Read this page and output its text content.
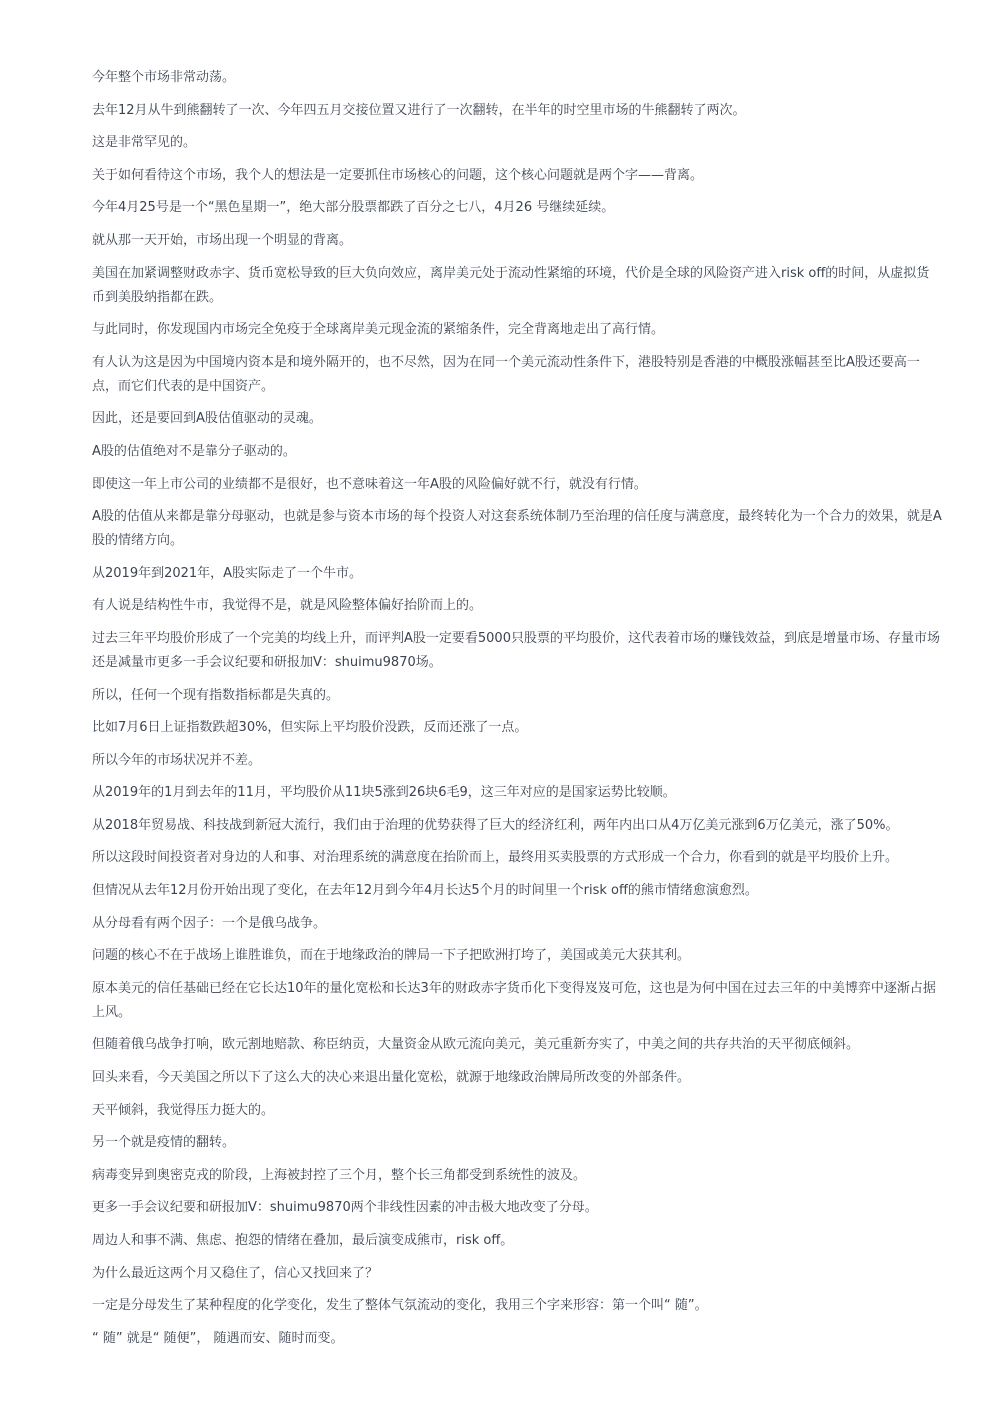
今年整个市场非常动荡。

去年12月从牛到熊翻转了一次、今年四五月交接位置又进行了一次翻转，在半年的时空里市场的牛熊翻转了两次。

这是非常罕见的。

关于如何看待这个市场，我个人的想法是一定要抓住市场核心的问题，这个核心问题就是两个字——背离。

今年4月25号是一个“黑色星期一”，绝大部分股票都跌了百分之七八，4月26 号继续延续。

就从那一天开始，市场出现一个明显的背离。

美国在加紧调整财政赤字、货币宽松导致的巨大负向效应，离岸美元处于流动性紧缩的环境，代价是全球的风险资产进入risk off的时间，从虚拟货币到美股纳指都在跌。

与此同时，你发现国内市场完全免疫于全球离岸美元现金流的紧缩条件，完全背离地走出了高行情。

有人认为这是因为中国境内资本是和境外隔开的，也不尽然，因为在同一个美元流动性条件下，港股特别是香港的中概股涨幅甚至比A股还要高一点，而它们代表的是中国资产。

因此，还是要回到A股估值驱动的灵魂。

A股的估值绝对不是靠分子驱动的。

即使这一年上市公司的业绩都不是很好，也不意味着这一年A股的风险偏好就不行，就没有行情。

A股的估值从来都是靠分母驱动，也就是参与资本市场的每个投资人对这套系统体制乃至治理的信任度与满意度，最终转化为一个合力的效果，就是A股的情绪方向。

从2019年到2021年，A股实际走了一个牛市。

有人说是结构性牛市，我觉得不是，就是风险整体偏好抬阶而上的。

过去三年平均股价形成了一个完美的均线上升，而评判A股一定要看5000只股票的平均股价，这代表着市场的赚钱效益，到底是增量市场、存量市场还是减量市更多一手会议纪要和研报加V：shuimu9870场。

所以，任何一个现有指数指标都是失真的。

比如7月6日上证指数跌超30%，但实际上平均股价没跌，反而还涨了一点。

所以今年的市场状况并不差。

从2019年的1月到去年的11月，平均股价从11块5涨到26块6毛9，这三年对应的是国家运势比较顺。

从2018年贸易战、科技战到新冠大流行，我们由于治理的优势获得了巨大的经济红利，两年内出口从4万亿美元涨到6万亿美元，涨了50%。

所以这段时间投资者对身边的人和事、对治理系统的满意度在抬阶而上，最终用买卖股票的方式形成一个合力，你看到的就是平均股价上升。

但情况从去年12月份开始出现了变化，在去年12月到今年4月长达5个月的时间里一个risk off的熊市情绪愈演愈烈。

从分母看有两个因子：一个是俄乌战争。

问题的核心不在于战场上谁胜谁负，而在于地缘政治的牌局一下子把欧洲打垮了，美国或美元大获其利。

原本美元的信任基础已经在它长达10年的量化宽松和长达3年的财政赤字货币化下变得岌岌可危，这也是为何中国在过去三年的中美博弈中逐渐占据上风。

但随着俄乌战争打响，欧元割地赔款、称臣纳贡，大量资金从欧元流向美元，美元重新夯实了，中美之间的共存共治的天平彻底倾斜。

回头来看，今天美国之所以下了这么大的决心来退出量化宽松，就源于地缘政治牌局所改变的外部条件。

天平倾斜，我觉得压力挺大的。

另一个就是疫情的翻转。

病毒变异到奥密克戎的阶段，上海被封控了三个月，整个长三角都受到系统性的波及。

更多一手会议纪要和研报加V：shuimu9870两个非线性因素的冲击极大地改变了分母。

周边人和事不满、焦虑、抱怨的情绪在叠加，最后演变成熊市，risk off。

为什么最近这两个月又稳住了，信心又找回来了？

一定是分母发生了某种程度的化学变化，发生了整体气氛流动的变化，我用三个字来形容：第一个叫“ 随”。

“ 随” 就是“ 随便”， 随遇而安、随时而变。
